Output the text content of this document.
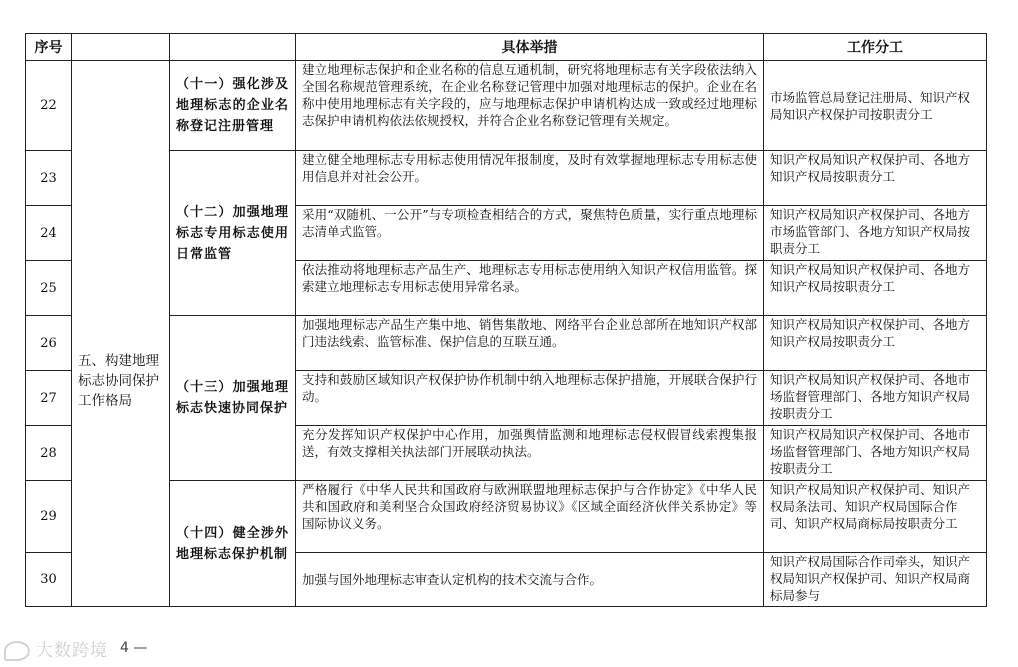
序号			具体举措	工作分工
22	五、构建地理标志协同保护工作格局	（十一）强化涉及地理标志的企业名称登记注册管理	建立地理标志保护和企业名称的信息互通机制，研究将地理标志有关字段依法纳入全国名称规范管理系统，在企业名称登记管理中加强对地理标志的保护。企业在名称中使用地理标志有关字段的，应与地理标志保护申请机构达成一致或经过地理标志保护申请机构依法依规授权，并符合企业名称登记管理有关规定。	市场监管总局登记注册局、知识产权局知识产权保护司按职责分工
23		（十二）加强地理标志专用标志使用日常监管	建立健全地理标志专用标志使用情况年报制度，及时有效掌握地理标志专用标志使用信息并对社会公开。	知识产权局知识产权保护司、各地方知识产权局按职责分工
24			采用“双随机、一公开”与专项检查相结合的方式，聚焦特色质量，实行重点地理标志清单式监管。	知识产权局知识产权保护司、各地方市场监管部门、各地方知识产权局按职责分工
25			依法推动将地理标志产品生产、地理标志专用标志使用纳入知识产权信用监管。探索建立地理标志专用标志使用异常名录。	知识产权局知识产权保护司、各地方知识产权局按职责分工
26		（十三）加强地理标志快速协同保护	加强地理标志产品生产集中地、销售集散地、网络平台企业总部所在地知识产权部门违法线索、监管标准、保护信息的互联互通。	知识产权局知识产权保护司、各地方知识产权局按职责分工
27			支持和鼓励区域知识产权保护协作机制中纳入地理标志保护措施，开展联合保护行动。	知识产权局知识产权保护司、各地市场监督管理部门、各地方知识产权局按职责分工
28			充分发挥知识产权保护中心作用，加强舆情监测和地理标志侵权假冒线索搜集报送，有效支撑相关执法部门开展联动执法。	知识产权局知识产权保护司、各地市场监督管理部门、各地方知识产权局按职责分工
29		（十四）健全涉外地理标志保护机制	严格履行《中华人民共和国政府与欧洲联盟地理标志保护与合作协定》《中华人民共和国政府和美利坚合众国政府经济贸易协议》《区域全面经济伙伴关系协定》等国际协议义务。	知识产权局知识产权保护司、知识产权局条法司、知识产权局国际合作司、知识产权局商标局按职责分工
30			加强与国外地理标志审查认定机构的技术交流与合作。	知识产权局国际合作司牵头，知识产权局知识产权保护司、知识产权局商标局参与
大数跨境 4 —
